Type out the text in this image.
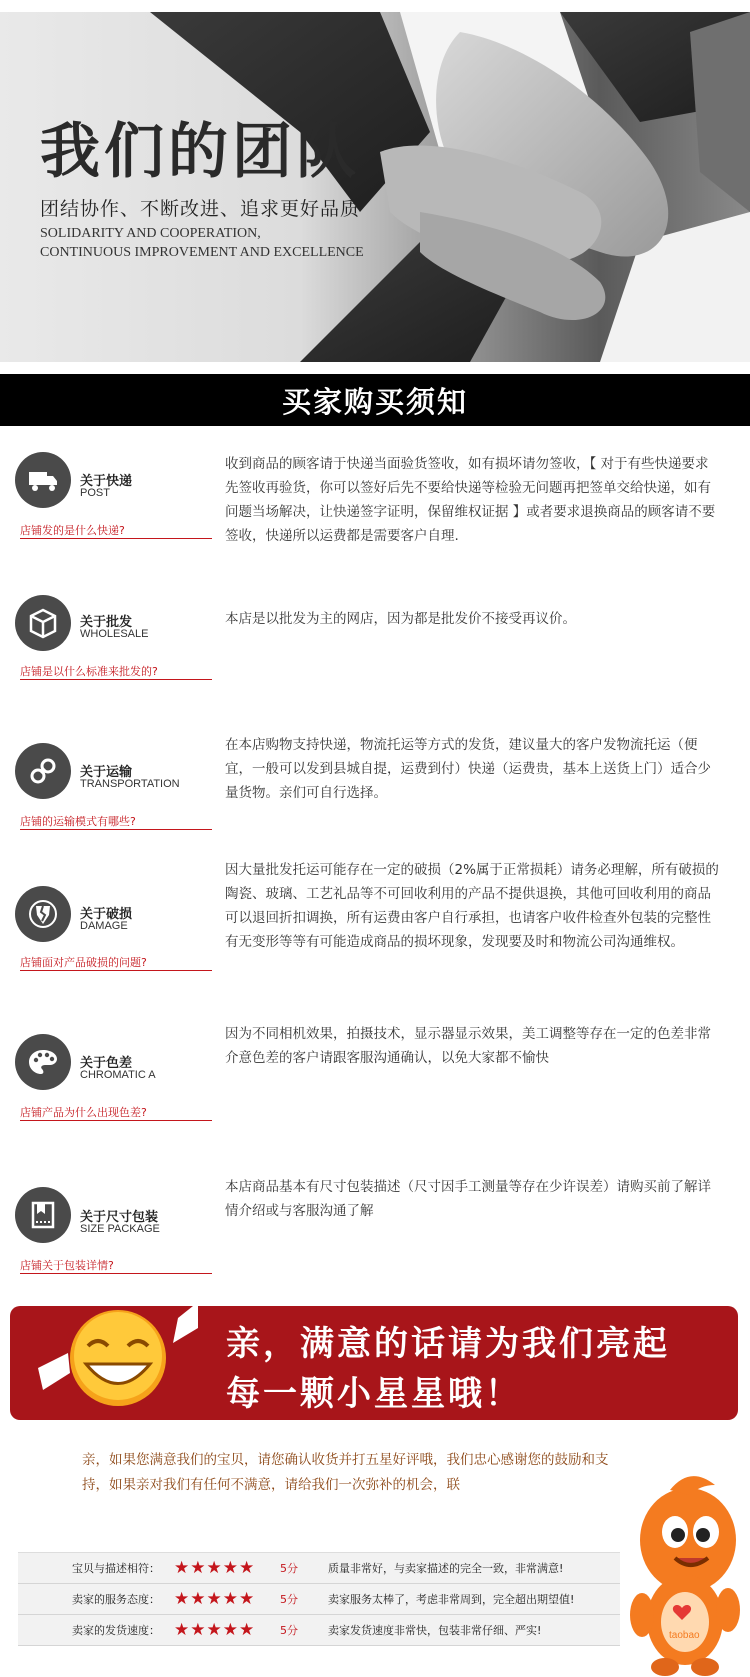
我们的团队
团结协作、不断改进、追求更好品质
SOLIDARITY AND COOPERATION,
CONTINUOUS IMPROVEMENT AND EXCELLENCE
买家购买须知
关于快递
POST
店铺发的是什么快递?
收到商品的顾客请于快递当面验货签收，如有损坏请勿签收，【 对于有些快递要求先签收再验货，你可以签好后先不要给快递等检验无问题再把签单交给快递，如有问题当场解决，让快递签字证明，保留维权证据 】或者要求退换商品的顾客请不要签收，快递所以运费都是需要客户自理.
关于批发
WHOLESALE
店铺是以什么标准来批发的?
本店是以批发为主的网店，因为都是批发价不接受再议价。
关于运输
TRANSPORTATION
店铺的运输模式有哪些?
在本店购物支持快递，物流托运等方式的发货，建议量大的客户发物流托运（便宜，一般可以发到县城自提，运费到付）快递（运费贵，基本上送货上门）适合少量货物。亲们可自行选择。
关于破损
DAMAGE
店铺面对产品破损的问题?
因大量批发托运可能存在一定的破损（2%属于正常损耗）请务必理解，所有破损的陶瓷、玻璃、工艺礼品等不可回收利用的产品不提供退换，其他可回收利用的商品可以退回折扣调换，所有运费由客户自行承担，也请客户收件检查外包装的完整性有无变形等等有可能造成商品的损坏现象，发现要及时和物流公司沟通维权。
关于色差
CHROMATIC A
店铺产品为什么出现色差?
因为不同相机效果，拍摄技术，显示器显示效果，美工调整等存在一定的色差非常介意色差的客户请跟客服沟通确认，以免大家都不愉快
关于尺寸包装
SIZE PACKAGE
店铺关于包装详情?
本店商品基本有尺寸包装描述（尺寸因手工测量等存在少许误差）请购买前了解详情介绍或与客服沟通了解
亲，满意的话请为我们亮起
每一颗小星星哦！
亲，如果您满意我们的宝贝，请您确认收货并打五星好评哦，我们忠心感谢您的鼓励和支持，如果亲对我们有任何不满意，请给我们一次弥补的机会，联
宝贝与描述相符： ★ ★ ★ ★ ★	5分	质量非常好，与卖家描述的完全一致，非常满意!
卖家的服务态度： ★ ★ ★ ★ ★	5分	卖家服务太棒了，考虑非常周到，完全超出期望值!
卖家的发货速度： ★ ★ ★ ★ ★	5分	卖家发货速度非常快，包装非常仔细、严实!	taobao
